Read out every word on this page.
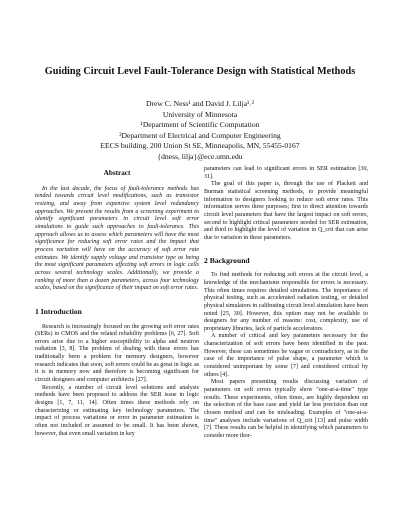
Guiding Circuit Level Fault-Tolerance Design with Statistical Methods
Drew C. Ness¹ and David J. Lilja¹˒²
University of Minnesota
¹Department of Scientific Computation
²Department of Electrical and Computer Engineering
EECS building, 200 Union St SE, Minneapolis, MN, 55455-0167
{dness, lilja}@ece.umn.edu
Abstract

In the last decade, the focus of fault-tolerance methods has tended towards circuit level modifications, such as transistor resizing, and away from expensive system level redundancy approaches. We present the results from a screening experiment to identify significant parameters in circuit level soft error simulations to guide such approaches to fault-tolerance. This approach allows us to assess which parameters will have the most significance for reducing soft error rates and the impact that process variation will have on the accuracy of soft error rate estimates. We identify supply voltage and transistor type as being the most significant parameters affecting soft errors in logic cells across several technology scales. Additionally, we provide a ranking of more than a dozen parameters, across four technology scales, based on the significance of their impact on soft error rates.

1 Introduction

Research is increasingly focused on the growing soft error rates (SERs) in CMOS and the related reliability problems [6, 27]. Soft errors arise due to a higher susceptibility to alpha and neutron radiation [3, 8]. The problem of dealing with these errors has traditionally been a problem for memory designers, however research indicates that soon, soft errors could be as great in logic as it is in memory now and therefore is becoming significant for circuit designers and computer architects [27].

Recently, a number of circuit level solutions and analysis methods have been proposed to address the SER issue in logic designs [1, 7, 11, 14]. Often times these methods rely on characterizing or estimating key technology parameters. The impact of process variations or error in parameter estimation is often not included or assumed to be small. It has been shown, however, that even small variation in key

parameters can lead to significant errors in SER estimation [30, 31].

The goal of this paper is, through the use of Plackett and Burman statistical screening methods, to provide meaningful information to designers looking to reduce soft error rates. This information serves three purposes; first to direct attention towards circuit level parameters that have the largest impact on soft errors, second to highlight critical parameters needed for SER estimation, and third to highlight the level of variation in Q_crit that can arise due to variation in these parameters.

2 Background

To find methods for reducing soft errors at the circuit level, a knowledge of the mechanisms responsible for errors is necessary. This often times requires detailed simulations. The importance of physical testing, such as accelerated radiation testing, or detailed physical simulators in calibrating circuit level simulation have been noted [25, 30]. However, this option may not be available to designers for any number of reasons: cost, complexity, use of proprietary libraries, lack of particle accelerators.

A number of critical and key parameters necessary for the characterization of soft errors have been identified in the past. However, these can sometimes be vague or contradictory, as in the case of the importance of pulse shape, a parameter which is considered unimportant by some [7] and considered critical by others [4].

Most papers presenting results discussing variation of parameters on soft errors typically show "one-at-a-time" type results. These experiments, often times, are highly dependent on the selection of the base case and yield far less precision than our chosen method and can be misleading. Examples of "one-at-a-time" analyses include variations of Q_crit [13] and pulse width [7]. These results can be helpful in identifying which parameters to consider more thor-
